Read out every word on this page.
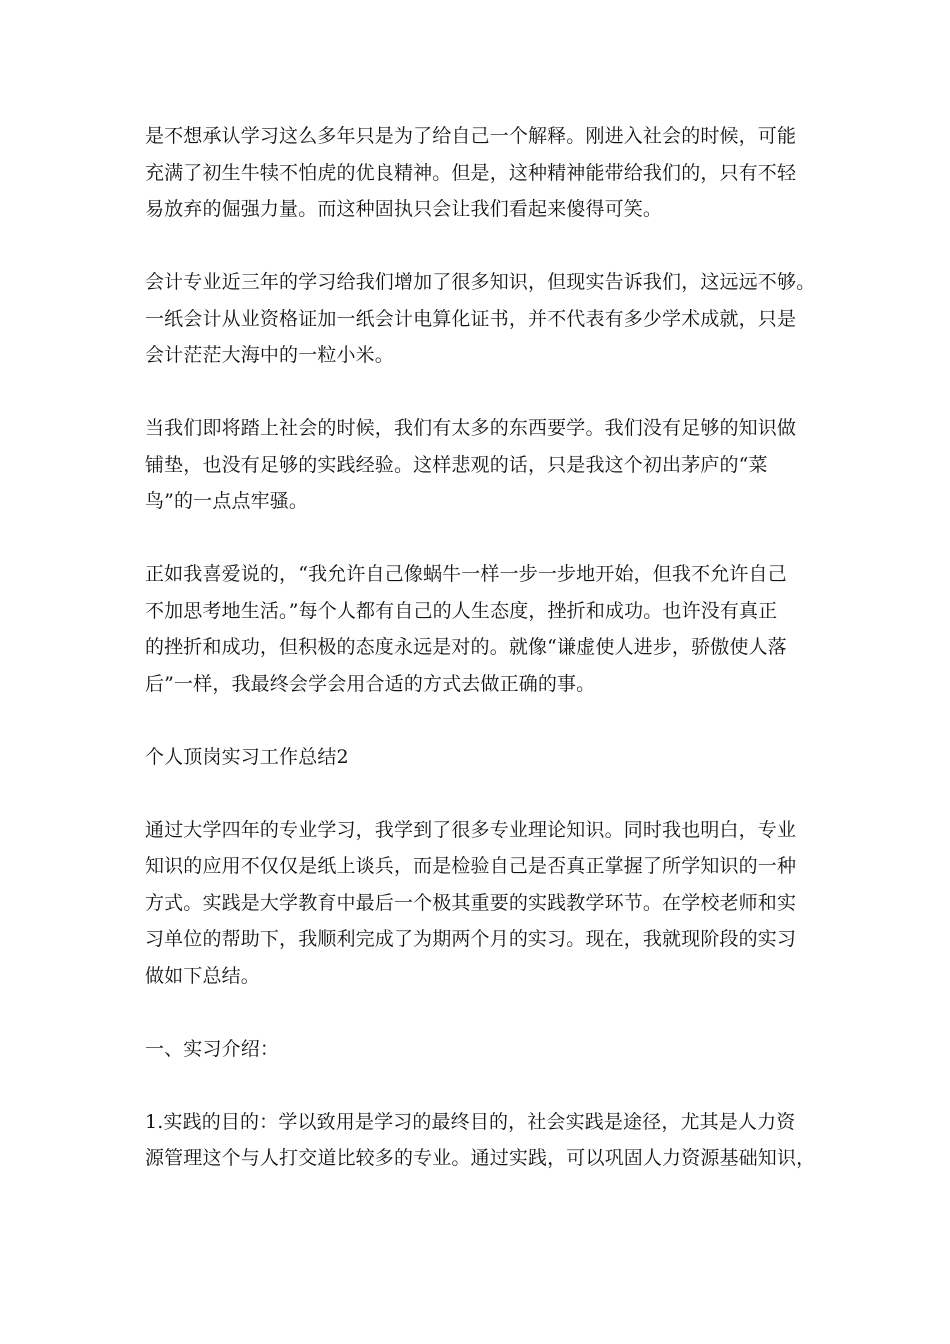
是不想承认学习这么多年只是为了给自己一个解释。刚进入社会的时候，可能
充满了初生牛犊不怕虎的优良精神。但是，这种精神能带给我们的，只有不轻
易放弃的倔强力量。而这种固执只会让我们看起来傻得可笑。
会计专业近三年的学习给我们增加了很多知识，但现实告诉我们，这远远不够。
一纸会计从业资格证加一纸会计电算化证书，并不代表有多少学术成就，只是
会计茫茫大海中的一粒小米。
当我们即将踏上社会的时候，我们有太多的东西要学。我们没有足够的知识做
铺垫，也没有足够的实践经验。这样悲观的话，只是我这个初出茅庐的“菜
鸟”的一点点牢骚。
正如我喜爱说的，“我允许自己像蜗牛一样一步一步地开始，但我不允许自己
不加思考地生活。”每个人都有自己的人生态度，挫折和成功。也许没有真正
的挫折和成功，但积极的态度永远是对的。就像“谦虚使人进步，骄傲使人落
后”一样，我最终会学会用合适的方式去做正确的事。
个人顶岗实习工作总结2
通过大学四年的专业学习，我学到了很多专业理论知识。同时我也明白，专业
知识的应用不仅仅是纸上谈兵，而是检验自己是否真正掌握了所学知识的一种
方式。实践是大学教育中最后一个极其重要的实践教学环节。在学校老师和实
习单位的帮助下，我顺利完成了为期两个月的实习。现在，我就现阶段的实习
做如下总结。
一、实习介绍：
1.实践的目的：学以致用是学习的最终目的，社会实践是途径，尤其是人力资
源管理这个与人打交道比较多的专业。通过实践，可以巩固人力资源基础知识，
